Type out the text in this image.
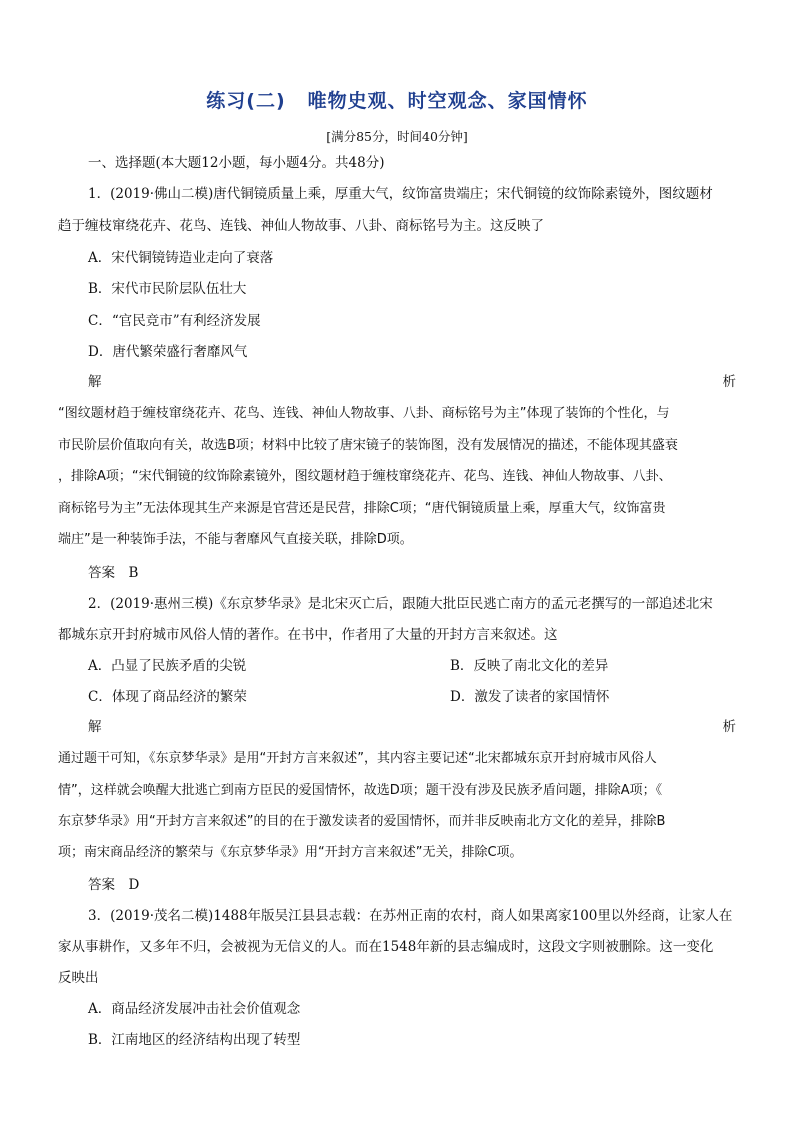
练习(二) 唯物史观、时空观念、家国情怀
[满分85分，时间40分钟]
一、选择题(本大题12小题，每小题4分。共48分)
1．(2019·佛山二模)唐代铜镜质量上乘，厚重大气，纹饰富贵端庄；宋代铜镜的纹饰除素镜外，图纹题材
趋于缠枝窜绕花卉、花鸟、连钱、神仙人物故事、八卦、商标铭号为主。这反映了
A．宋代铜镜铸造业走向了衰落
B．宋代市民阶层队伍壮大
C．“官民竞市”有利经济发展
D．唐代繁荣盛行奢靡风气
解	析
“图纹题材趋于缠枝窜绕花卉、花鸟、连钱、神仙人物故事、八卦、商标铭号为主”体现了装饰的个性化，与
市民阶层价值取向有关，故选B项；材料中比较了唐宋镜子的装饰图，没有发展情况的描述，不能体现其盛衰
，排除A项；“宋代铜镜的纹饰除素镜外，图纹题材趋于缠枝窜绕花卉、花鸟、连钱、神仙人物故事、八卦、
商标铭号为主”无法体现其生产来源是官营还是民营，排除C项；“唐代铜镜质量上乘，厚重大气，纹饰富贵
端庄”是一种装饰手法，不能与奢靡风气直接关联，排除D项。
答案　B
2．(2019·惠州三模)《东京梦华录》是北宋灭亡后，跟随大批臣民逃亡南方的孟元老撰写的一部追述北宋
都城东京开封府城市风俗人情的著作。在书中，作者用了大量的开封方言来叙述。这
A．凸显了民族矛盾的尖锐	B．反映了南北文化的差异
C．体现了商品经济的繁荣	D．激发了读者的家国情怀
解	析
通过题干可知，《东京梦华录》是用“开封方言来叙述”，其内容主要记述“北宋都城东京开封府城市风俗人
情”，这样就会唤醒大批逃亡到南方臣民的爱国情怀，故选D项；题干没有涉及民族矛盾问题，排除A项；《
东京梦华录》用“开封方言来叙述”的目的在于激发读者的爱国情怀，而并非反映南北方文化的差异，排除B
项；南宋商品经济的繁荣与《东京梦华录》用“开封方言来叙述”无关，排除C项。
答案　D
3．(2019·茂名二模)1488年版吴江县县志载：在苏州正南的农村，商人如果离家100里以外经商，让家人在
家从事耕作，又多年不归，会被视为无信义的人。而在1548年新的县志编成时，这段文字则被删除。这一变化
反映出
A．商品经济发展冲击社会价值观念
B．江南地区的经济结构出现了转型
